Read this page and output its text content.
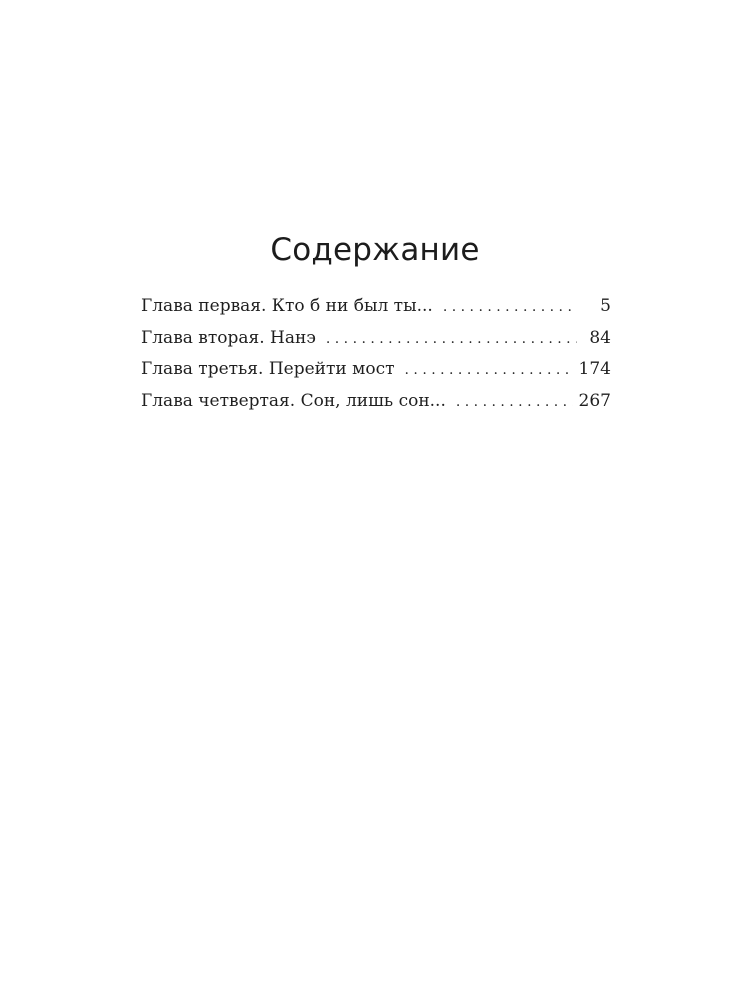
Содержание
Глава первая. Кто б ни был ты... . . .	5
Глава вторая. Нанэ . . .	84
Глава третья. Перейти мост . . .	174
Глава четвертая. Сон, лишь сон... . . .	267
